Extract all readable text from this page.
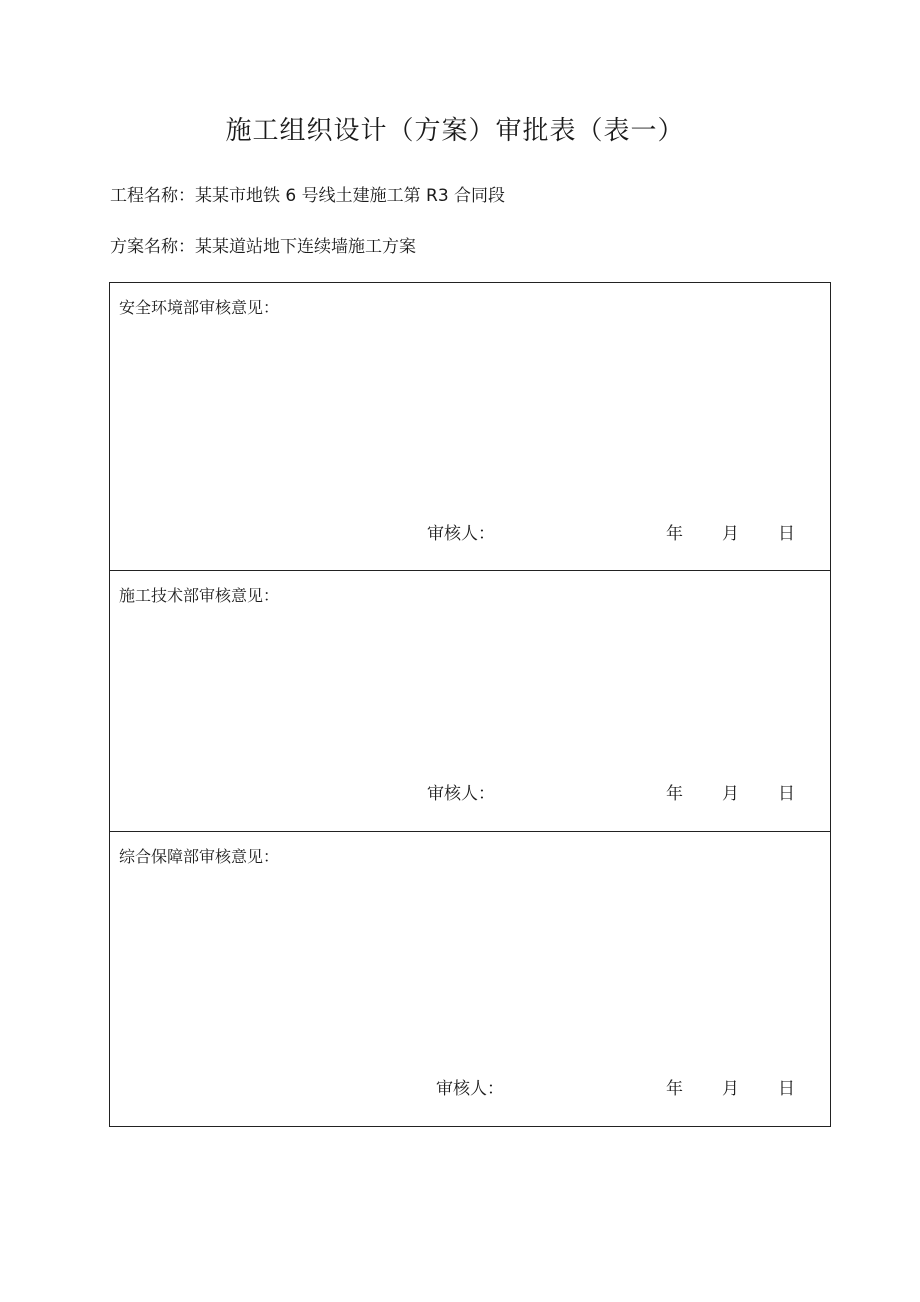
施工组织设计（方案）审批表（表一）
工程名称：某某市地铁 6 号线土建施工第 R3 合同段
方案名称：某某道站地下连续墙施工方案
安全环境部审核意见：
审核人：	年 月 日
施工技术部审核意见：
审核人：	年 月 日
综合保障部审核意见：
审核人：	年 月 日
